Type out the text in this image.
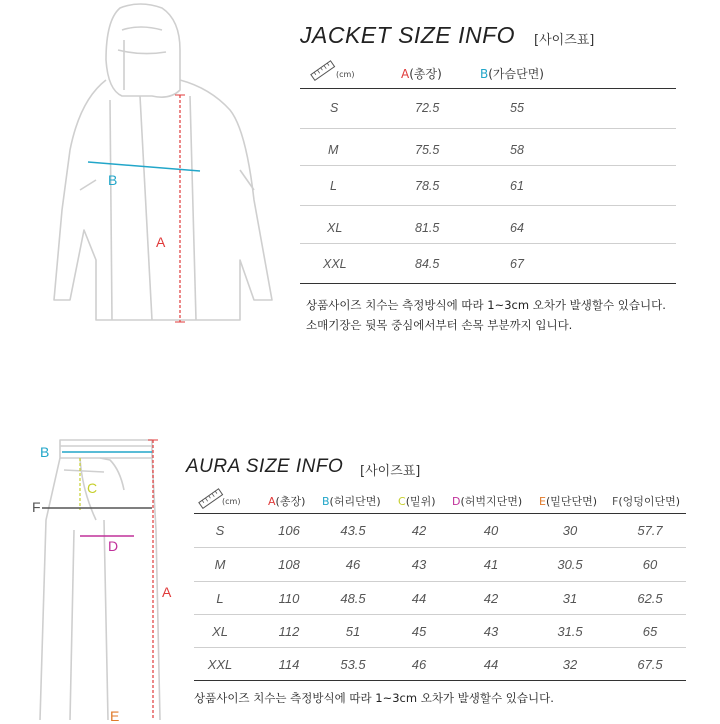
B
A
JACKET SIZE INFO [사이즈표]
(cm)	A(총장)	B(가슴단면)
S	72.5	55
M	75.5	58
L	78.5	61
XL	81.5	64
XXL	84.5	67
상품사이즈 치수는 측정방식에 따라 1~3cm 오차가 발생할수 있습니다.
소매기장은 뒷목 중심에서부터 손목 부분까지 입니다.
B
C
F
D
A
E
AURA SIZE INFO [사이즈표]
(cm)	A(총장) B(허리단면) C(밑위) D(허벅지단면) E(밑단단면) F(엉덩이단면)
S	106	43.5	42	40	30	57.7
M	108	46	43	41	30.5	60
L	110	48.5	44	42	31	62.5
XL	112	51	45	43	31.5	65
XXL	114	53.5	46	44	32	67.5
상품사이즈 치수는 측정방식에 따라 1~3cm 오차가 발생할수 있습니다.
